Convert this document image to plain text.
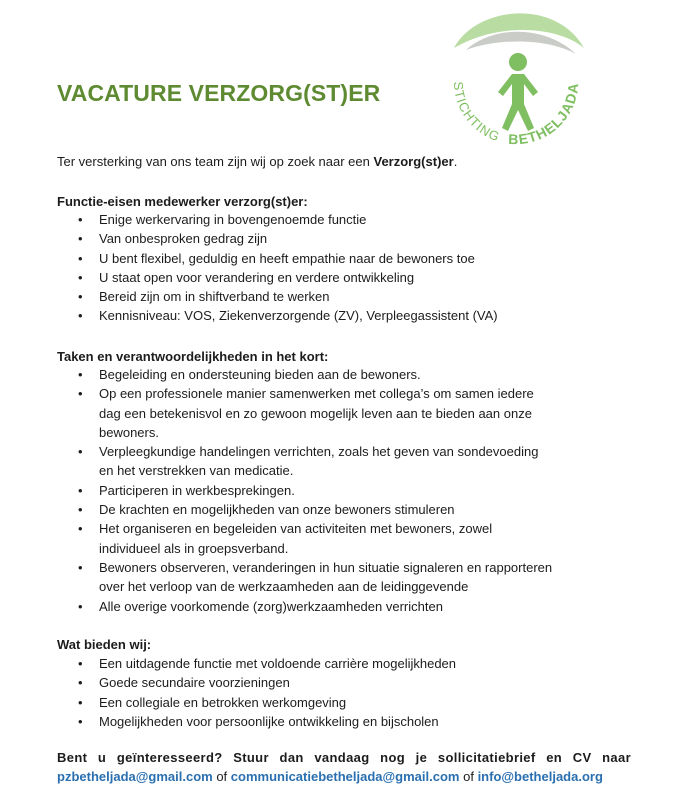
STICHTING BETHELJADA
VACATURE VERZORG(ST)ER
Ter versterking van ons team zijn wij op zoek naar een Verzorg(st)er.
Functie-eisen medewerker verzorg(st)er:
• Enige werkervaring in bovengenoemde functie
• Van onbesproken gedrag zijn
• U bent flexibel, geduldig en heeft empathie naar de bewoners toe
• U staat open voor verandering en verdere ontwikkeling
• Bereid zijn om in shiftverband te werken
• Kennisniveau: VOS, Ziekenverzorgende (ZV), Verpleegassistent (VA)
Taken en verantwoordelijkheden in het kort:
• Begeleiding en ondersteuning bieden aan de bewoners.
• Op een professionele manier samenwerken met collega’s om samen iedere
dag een betekenisvol en zo gewoon mogelijk leven aan te bieden aan onze
bewoners.
• Verpleegkundige handelingen verrichten, zoals het geven van sondevoeding
en het verstrekken van medicatie.
• Participeren in werkbesprekingen.
• De krachten en mogelijkheden van onze bewoners stimuleren
• Het organiseren en begeleiden van activiteiten met bewoners, zowel
individueel als in groepsverband.
• Bewoners observeren, veranderingen in hun situatie signaleren en rapporteren
over het verloop van de werkzaamheden aan de leidinggevende
• Alle overige voorkomende (zorg)werkzaamheden verrichten
Wat bieden wij:
• Een uitdagende functie met voldoende carrière mogelijkheden
• Goede secundaire voorzieningen
• Een collegiale en betrokken werkomgeving
• Mogelijkheden voor persoonlijke ontwikkeling en bijscholen
Bent u geïnteresseerd? Stuur dan vandaag nog je sollicitatiebrief en CV naar
pzbetheljada@gmail.com of communicatiebetheljada@gmail.com of info@betheljada.org
